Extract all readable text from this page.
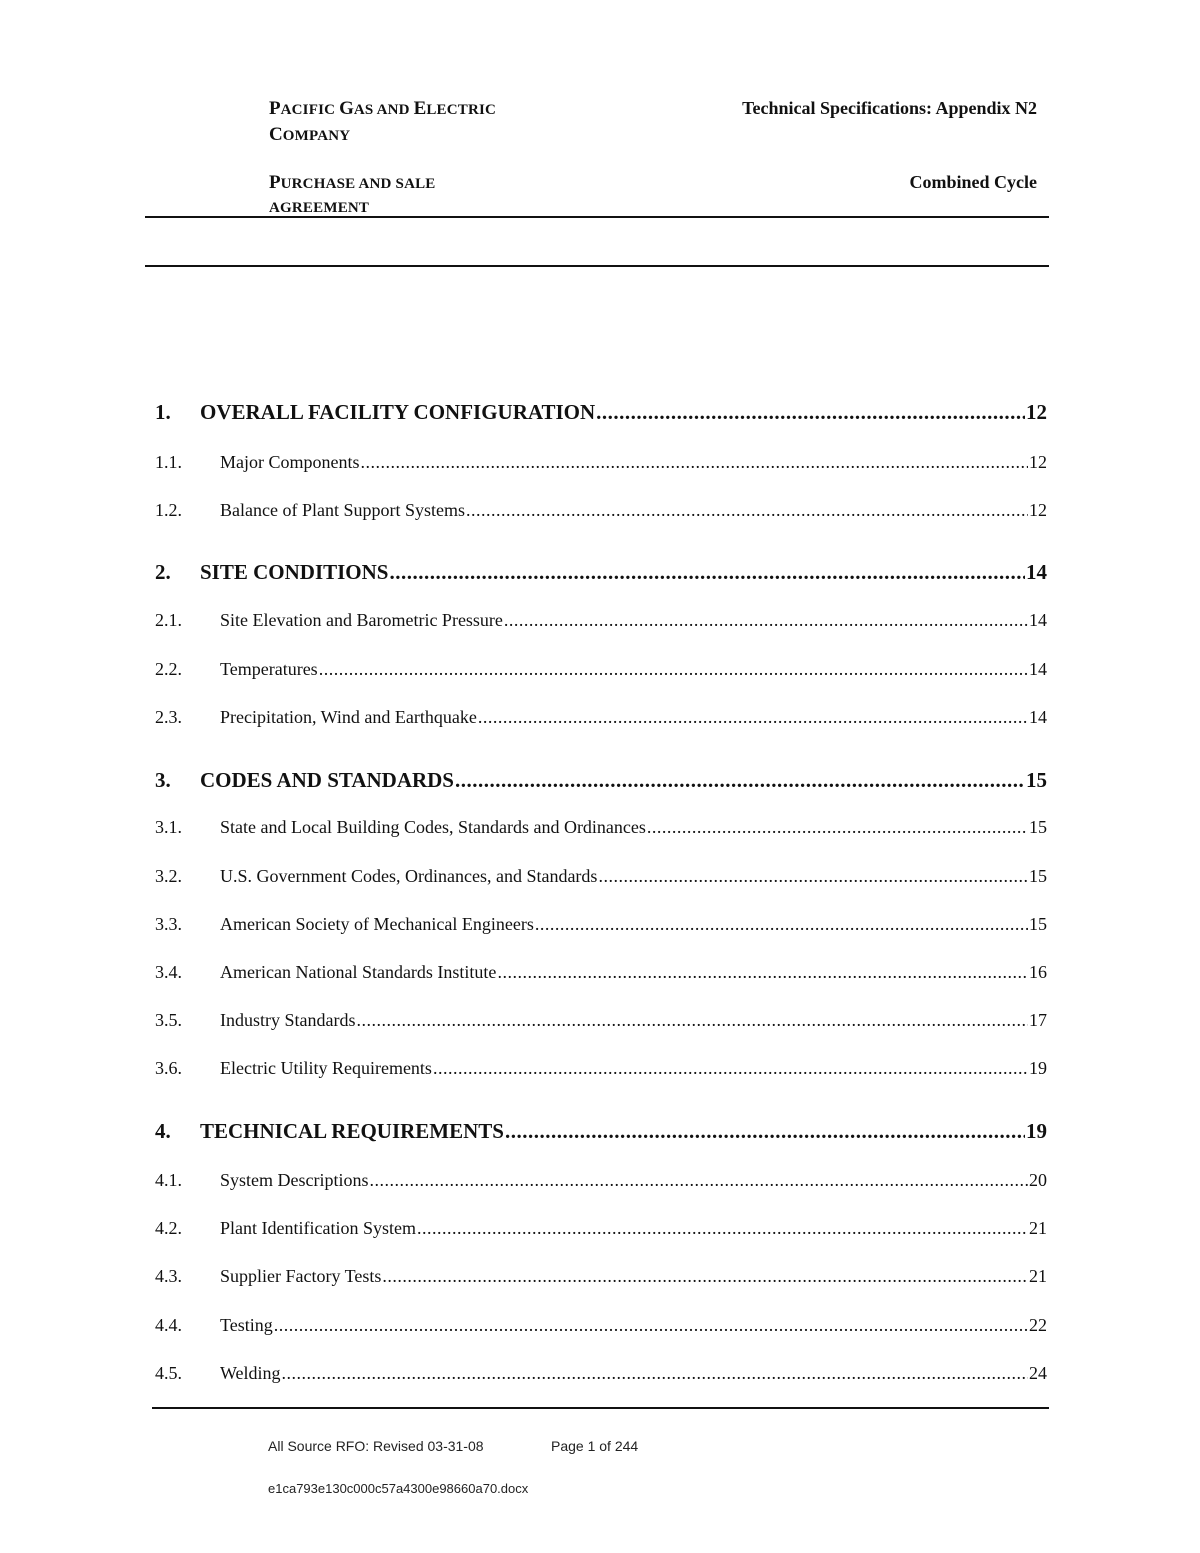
PACIFIC GAS AND ELECTRIC
COMPANY
Technical Specifications: Appendix N2
PURCHASE AND SALE
AGREEMENT
Combined Cycle
1.	OVERALL FACILITY CONFIGURATION .....	12
1.1.	Major Components .....	12
1.2.	Balance of Plant Support Systems .....	12
2.	SITE CONDITIONS .....	14
2.1.	Site Elevation and Barometric Pressure .....	14
2.2.	Temperatures .....	14
2.3.	Precipitation, Wind and Earthquake .....	14
3.	CODES AND STANDARDS .....	15
3.1.	State and Local Building Codes, Standards and Ordinances .....	15
3.2.	U.S. Government Codes, Ordinances, and Standards .....	15
3.3.	American Society of Mechanical Engineers .....	15
3.4.	American National Standards Institute .....	16
3.5.	Industry Standards .....	17
3.6.	Electric Utility Requirements .....	19
4.	TECHNICAL REQUIREMENTS .....	19
4.1.	System Descriptions .....	20
4.2.	Plant Identification System .....	21
4.3.	Supplier Factory Tests .....	21
4.4.	Testing .....	22
4.5.	Welding .....	24
All Source RFO: Revised 03-31-08	Page 1 of 244
e1ca793e130c000c57a4300e98660a70.docx
